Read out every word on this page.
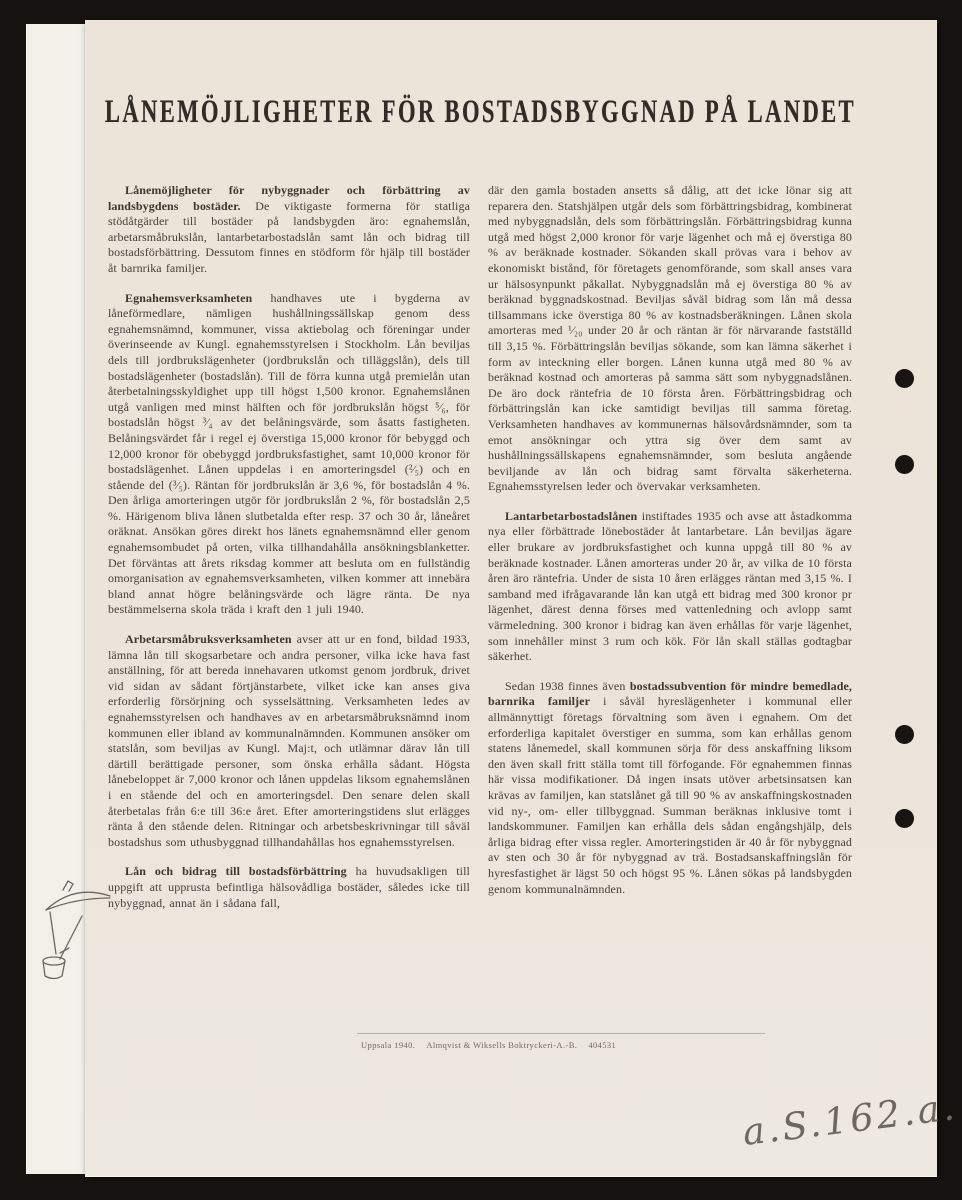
LÅNEMÖJLIGHETER FÖR BOSTADSBYGGNAD PÅ LANDET

Lånemöjligheter för nybyggnader och förbättring av landsbygdens bostäder. De viktigaste formerna för statliga stödåtgärder till bostäder på landsbygden äro: egnahemslån, arbetarsmåbrukslån, lantarbetarbostadslån samt lån och bidrag till bostadsförbättring. Dessutom finnes en stödform för hjälp till bostäder åt barnrika familjer.

Egnahemsverksamheten handhaves ute i bygderna av låneförmedlare, nämligen hushållningssällskap genom dess egnahemsnämnd, kommuner, vissa aktiebolag och föreningar under överinseende av Kungl. egnahemsstyrelsen i Stockholm. Lån beviljas dels till jordbrukslägenheter (jordbrukslån och tilläggslån), dels till bostadslägenheter (bostadslån). Till de förra kunna utgå premielån utan återbetalningsskyldighet upp till högst 1,500 kronor. Egnahemslånen utgå vanligen med minst hälften och för jordbrukslån högst ⁵⁄₆, för bostadslån högst ³⁄₄ av det belåningsvärde, som åsatts fastigheten. Belåningsvärdet får i regel ej överstiga 15,000 kronor för bebyggd och 12,000 kronor för obebyggd jordbruksfastighet, samt 10,000 kronor för bostadslägenhet. Lånen uppdelas i en amorteringsdel (²⁄₅) och en stående del (³⁄₅). Räntan för jordbrukslån är 3,6 %, för bostadslån 4 %. Den årliga amorteringen utgör för jordbrukslån 2 %, för bostadslån 2,5 %. Härigenom bliva lånen slutbetalda efter resp. 37 och 30 år, låneåret oräknat. Ansökan göres direkt hos länets egnahemsnämnd eller genom egnahemsombudet på orten, vilka tillhandahålla ansökningsblanketter. Det förväntas att årets riksdag kommer att besluta om en fullständig omorganisation av egnahemsverksamheten, vilken kommer att innebära bland annat högre belåningsvärde och lägre ränta. De nya bestämmelserna skola träda i kraft den 1 juli 1940.

Arbetarsmåbruksverksamheten avser att ur en fond, bildad 1933, lämna lån till skogsarbetare och andra personer, vilka icke hava fast anställning, för att bereda innehavaren utkomst genom jordbruk, drivet vid sidan av sådant förtjänstarbete, vilket icke kan anses giva erforderlig försörjning och sysselsättning. Verksamheten ledes av egnahemsstyrelsen och handhaves av en arbetarsmåbruksnämnd inom kommunen eller ibland av kommunalnämnden. Kommunen ansöker om statslån, som beviljas av Kungl. Maj:t, och utlämnar därav lån till därtill berättigade personer, som önska erhålla sådant. Högsta lånebeloppet är 7,000 kronor och lånen uppdelas liksom egnahemslånen i en stående del och en amorteringsdel. Den senare delen skall återbetalas från 6:e till 36:e året. Efter amorteringstidens slut erlägges ränta å den stående delen. Ritningar och arbetsbeskrivningar till såväl bostadshus som uthusbyggnad tillhandahållas hos egnahemsstyrelsen.

Lån och bidrag till bostadsförbättring ha huvudsakligen till uppgift att upprusta befintliga hälsovådliga bostäder, således icke till nybyggnad, annat än i sådana fall,

där den gamla bostaden ansetts så dålig, att det icke lönar sig att reparera den. Statshjälpen utgår dels som förbättringsbidrag, kombinerat med nybyggnadslån, dels som förbättringslån. Förbättringsbidrag kunna utgå med högst 2,000 kronor för varje lägenhet och må ej överstiga 80 % av beräknade kostnader. Sökanden skall prövas vara i behov av ekonomiskt bistånd, för företagets genomförande, som skall anses vara ur hälsosynpunkt påkallat. Nybyggnadslån må ej överstiga 80 % av beräknad byggnadskostnad. Beviljas såväl bidrag som lån må dessa tillsammans icke överstiga 80 % av kostnadsberäkningen. Lånen skola amorteras med ¹⁄₂₀ under 20 år och räntan är för närvarande fastställd till 3,15 %. Förbättringslån beviljas sökande, som kan lämna säkerhet i form av inteckning eller borgen. Lånen kunna utgå med 80 % av beräknad kostnad och amorteras på samma sätt som nybyggnadslånen. De äro dock räntefria de 10 första åren. Förbättringsbidrag och förbättringslån kan icke samtidigt beviljas till samma företag. Verksamheten handhaves av kommunernas hälsovårdsnämnder, som ta emot ansökningar och yttra sig över dem samt av hushållningssällskapens egnahemsnämnder, som besluta angående beviljande av lån och bidrag samt förvalta säkerheterna. Egnahemsstyrelsen leder och övervakar verksamheten.

Lantarbetarbostadslånen instiftades 1935 och avse att åstadkomma nya eller förbättrade lönebostäder åt lantarbetare. Lån beviljas ägare eller brukare av jordbruksfastighet och kunna uppgå till 80 % av beräknade kostnader. Lånen amorteras under 20 år, av vilka de 10 första åren äro räntefria. Under de sista 10 åren erlägges räntan med 3,15 %. I samband med ifrågavarande lån kan utgå ett bidrag med 300 kronor pr lägenhet, därest denna förses med vattenledning och avlopp samt värmeledning. 300 kronor i bidrag kan även erhållas för varje lägenhet, som innehåller minst 3 rum och kök. För lån skall ställas godtagbar säkerhet.

Sedan 1938 finnes även bostadssubvention för mindre bemedlade, barnrika familjer i såväl hyreslägenheter i kommunal eller allmännyttigt företags förvaltning som även i egnahem. Om det erforderliga kapitalet överstiger en summa, som kan erhållas genom statens lånemedel, skall kommunen sörja för dess anskaffning liksom den även skall fritt ställa tomt till förfogande. För egnahemmen finnas här vissa modifikationer. Då ingen insats utöver arbetsinsatsen kan krävas av familjen, kan statslånet gå till 90 % av anskaffningskostnaden vid ny-, om- eller tillbyggnad. Summan beräknas inklusive tomt i landskommuner. Familjen kan erhålla dels sådan engångshjälp, dels årliga bidrag efter vissa regler. Amorteringstiden är 40 år för nybyggnad av sten och 30 år för nybyggnad av trä. Bostadsanskaffningslån för hyresfastighet är lägst 50 och högst 95 %. Lånen sökas på landsbygden genom kommunalnämnden.

Uppsala 1940. Almqvist & Wiksells Boktryckeri-A.-B. 404531
a.S.162.a.
